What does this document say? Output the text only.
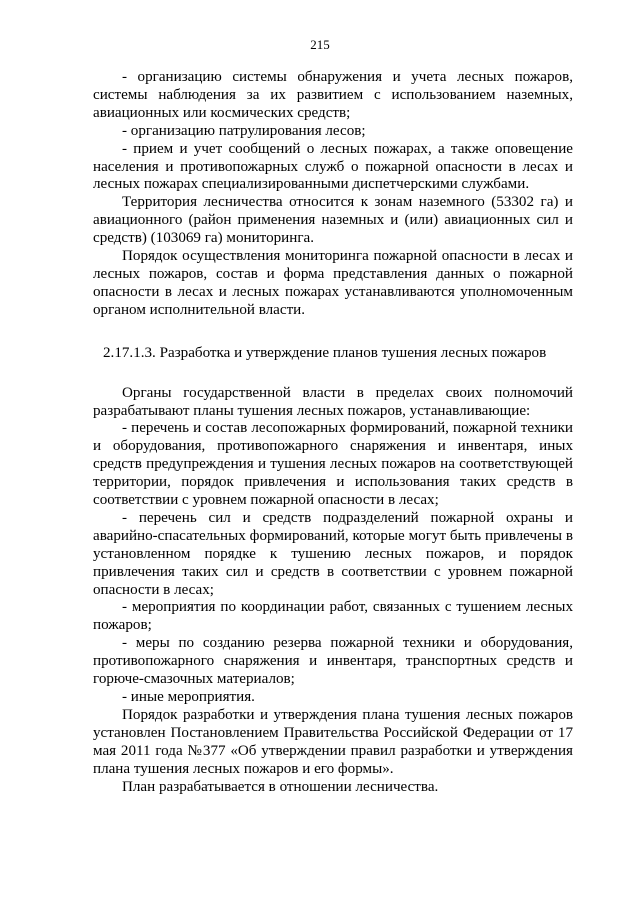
215

- организацию системы обнаружения и учета лесных пожаров, системы наблюдения за их развитием с использованием наземных, авиационных или космических средств;

- организацию патрулирования лесов;

- прием и учет сообщений о лесных пожарах, а также оповещение населения и противопожарных служб о пожарной опасности в лесах и лесных пожарах специализированными диспетчерскими службами.

Территория лесничества относится к зонам наземного (53302 га) и авиационного (район применения наземных и (или) авиационных сил и средств) (103069 га) мониторинга.

Порядок осуществления мониторинга пожарной опасности в лесах и лесных пожаров, состав и форма представления данных о пожарной опасности в лесах и лесных пожарах устанавливаются уполномоченным органом исполнительной власти.

2.17.1.3. Разработка и утверждение планов тушения лесных пожаров

Органы государственной власти в пределах своих полномочий разрабатывают планы тушения лесных пожаров, устанавливающие:

- перечень и состав лесопожарных формирований, пожарной техники и оборудования, противопожарного снаряжения и инвентаря, иных средств предупреждения и тушения лесных пожаров на соответствующей территории, порядок привлечения и использования таких средств в соответствии с уровнем пожарной опасности в лесах;

- перечень сил и средств подразделений пожарной охраны и аварийно-спасательных формирований, которые могут быть привлечены в установленном порядке к тушению лесных пожаров, и порядок привлечения таких сил и средств в соответствии с уровнем пожарной опасности в лесах;

- мероприятия по координации работ, связанных с тушением лесных пожаров;

- меры по созданию резерва пожарной техники и оборудования, противопожарного снаряжения и инвентаря, транспортных средств и горюче-смазочных материалов;

- иные мероприятия.

Порядок разработки и утверждения плана тушения лесных пожаров установлен Постановлением Правительства Российской Федерации от 17 мая 2011 года №377 «Об утверждении правил разработки и утверждения плана тушения лесных пожаров и его формы».

План разрабатывается в отношении лесничества.
